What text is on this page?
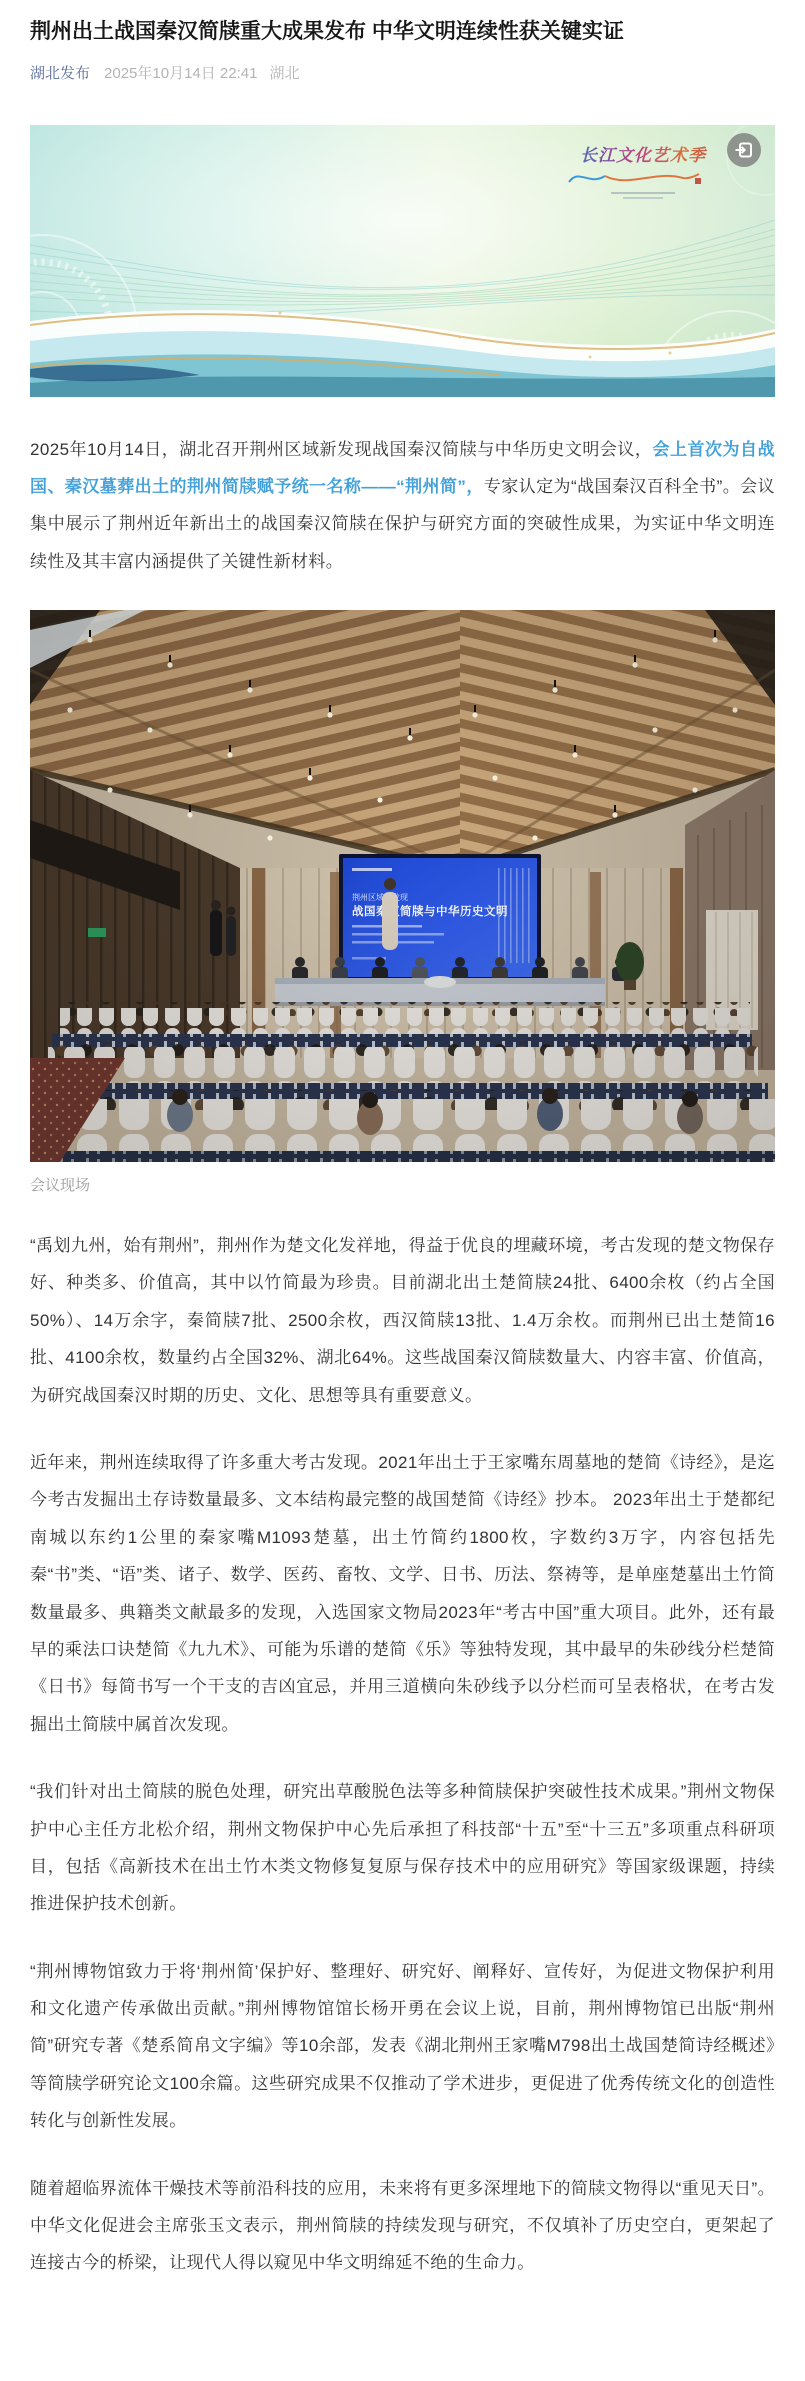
荆州出土战国秦汉简牍重大成果发布 中华文明连续性获关键实证
湖北发布 2025年10月14日 22:41 湖北
长江文化艺术季

2025年10月14日，湖北召开荆州区域新发现战国秦汉简牍与中华历史文明会议，会上首次为自战国、秦汉墓葬出土的荆州简牍赋予统一名称——“荆州简”，专家认定为“战国秦汉百科全书”。会议集中展示了荆州近年新出土的战国秦汉简牍在保护与研究方面的突破性成果，为实证中华文明连续性及其丰富内涵提供了关键性新材料。

会议现场

“禹划九州，始有荆州”，荆州作为楚文化发祥地，得益于优良的埋藏环境，考古发现的楚文物保存好、种类多、价值高，其中以竹简最为珍贵。目前湖北出土楚简牍24批、6400余枚（约占全国50%）、14万余字，秦简牍7批、2500余枚，西汉简牍13批、1.4万余枚。而荆州已出土楚简16批、4100余枚，数量约占全国32%、湖北64%。这些战国秦汉简牍数量大、内容丰富、价值高，为研究战国秦汉时期的历史、文化、思想等具有重要意义。

近年来，荆州连续取得了许多重大考古发现。2021年出土于王家嘴东周墓地的楚简《诗经》，是迄今考古发掘出土存诗数量最多、文本结构最完整的战国楚简《诗经》抄本。 2023年出土于楚都纪南城以东约1公里的秦家嘴M1093楚墓，出土竹简约1800枚，字数约3万字，内容包括先秦“书”类、“语”类、诸子、数学、医药、畜牧、文学、日书、历法、祭祷等，是单座楚墓出土竹简数量最多、典籍类文献最多的发现，入选国家文物局2023年“考古中国”重大项目。此外，还有最早的乘法口诀楚简《九九术》、可能为乐谱的楚简《乐》等独特发现，其中最早的朱砂线分栏楚简《日书》每简书写一个干支的吉凶宜忌，并用三道横向朱砂线予以分栏而可呈表格状，在考古发掘出土简牍中属首次发现。

“我们针对出土简牍的脱色处理，研究出草酸脱色法等多种简牍保护突破性技术成果。”荆州文物保护中心主任方北松介绍，荆州文物保护中心先后承担了科技部“十五”至“十三五”多项重点科研项目，包括《高新技术在出土竹木类文物修复复原与保存技术中的应用研究》等国家级课题，持续推进保护技术创新。

“荆州博物馆致力于将‘荆州简’保护好、整理好、研究好、阐释好、宣传好，为促进文物保护利用和文化遗产传承做出贡献。”荆州博物馆馆长杨开勇在会议上说，目前，荆州博物馆已出版“荆州简”研究专著《楚系简帛文字编》等10余部，发表《湖北荆州王家嘴M798出土战国楚简诗经概述》等简牍学研究论文100余篇。这些研究成果不仅推动了学术进步，更促进了优秀传统文化的创造性转化与创新性发展。

随着超临界流体干燥技术等前沿科技的应用，未来将有更多深埋地下的简牍文物得以“重见天日”。中华文化促进会主席张玉文表示，荆州简牍的持续发现与研究，不仅填补了历史空白，更架起了连接古今的桥梁，让现代人得以窥见中华文明绵延不绝的生命力。
